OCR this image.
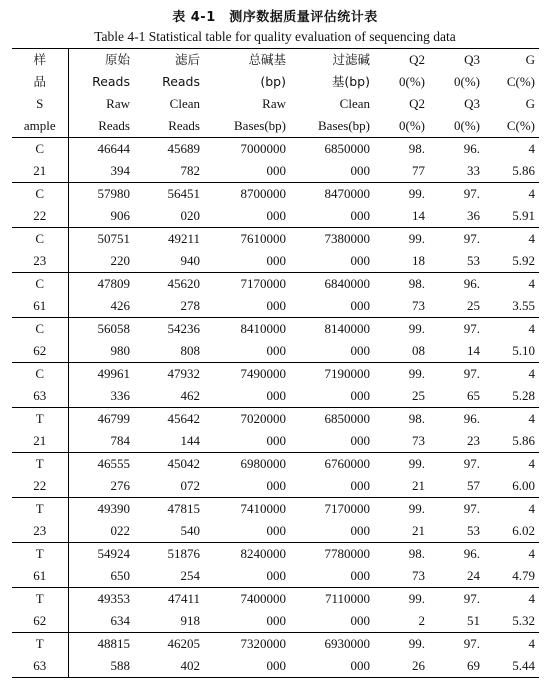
表 4-1　测序数据质量评估统计表
Table 4-1 Statistical table for quality evaluation of sequencing data
样	原始	滤后	总碱基	过滤碱	Q2	Q3	G
品	Reads	Reads	(bp)	基(bp)	0(%)	0(%)	C(%)
S	Raw	Clean	Raw	Clean	Q2	Q3	G
ample	Reads	Reads	Bases(bp)	Bases(bp)	0(%)	0(%)	C(%)
C	46644	45689	7000000	6850000	98.	96.	4
21	394	782	000	000	77	33	5.86
C	57980	56451	8700000	8470000	99.	97.	4
22	906	020	000	000	14	36	5.91
C	50751	49211	7610000	7380000	99.	97.	4
23	220	940	000	000	18	53	5.92
C	47809	45620	7170000	6840000	98.	96.	4
61	426	278	000	000	73	25	3.55
C	56058	54236	8410000	8140000	99.	97.	4
62	980	808	000	000	08	14	5.10
C	49961	47932	7490000	7190000	99.	97.	4
63	336	462	000	000	25	65	5.28
T	46799	45642	7020000	6850000	98.	96.	4
21	784	144	000	000	73	23	5.86
T	46555	45042	6980000	6760000	99.	97.	4
22	276	072	000	000	21	57	6.00
T	49390	47815	7410000	7170000	99.	97.	4
23	022	540	000	000	21	53	6.02
T	54924	51876	8240000	7780000	98.	96.	4
61	650	254	000	000	73	24	4.79
T	49353	47411	7400000	7110000	99.	97.	4
62	634	918	000	000	2	51	5.32
T	48815	46205	7320000	6930000	99.	97.	4
63	588	402	000	000	26	69	5.44
